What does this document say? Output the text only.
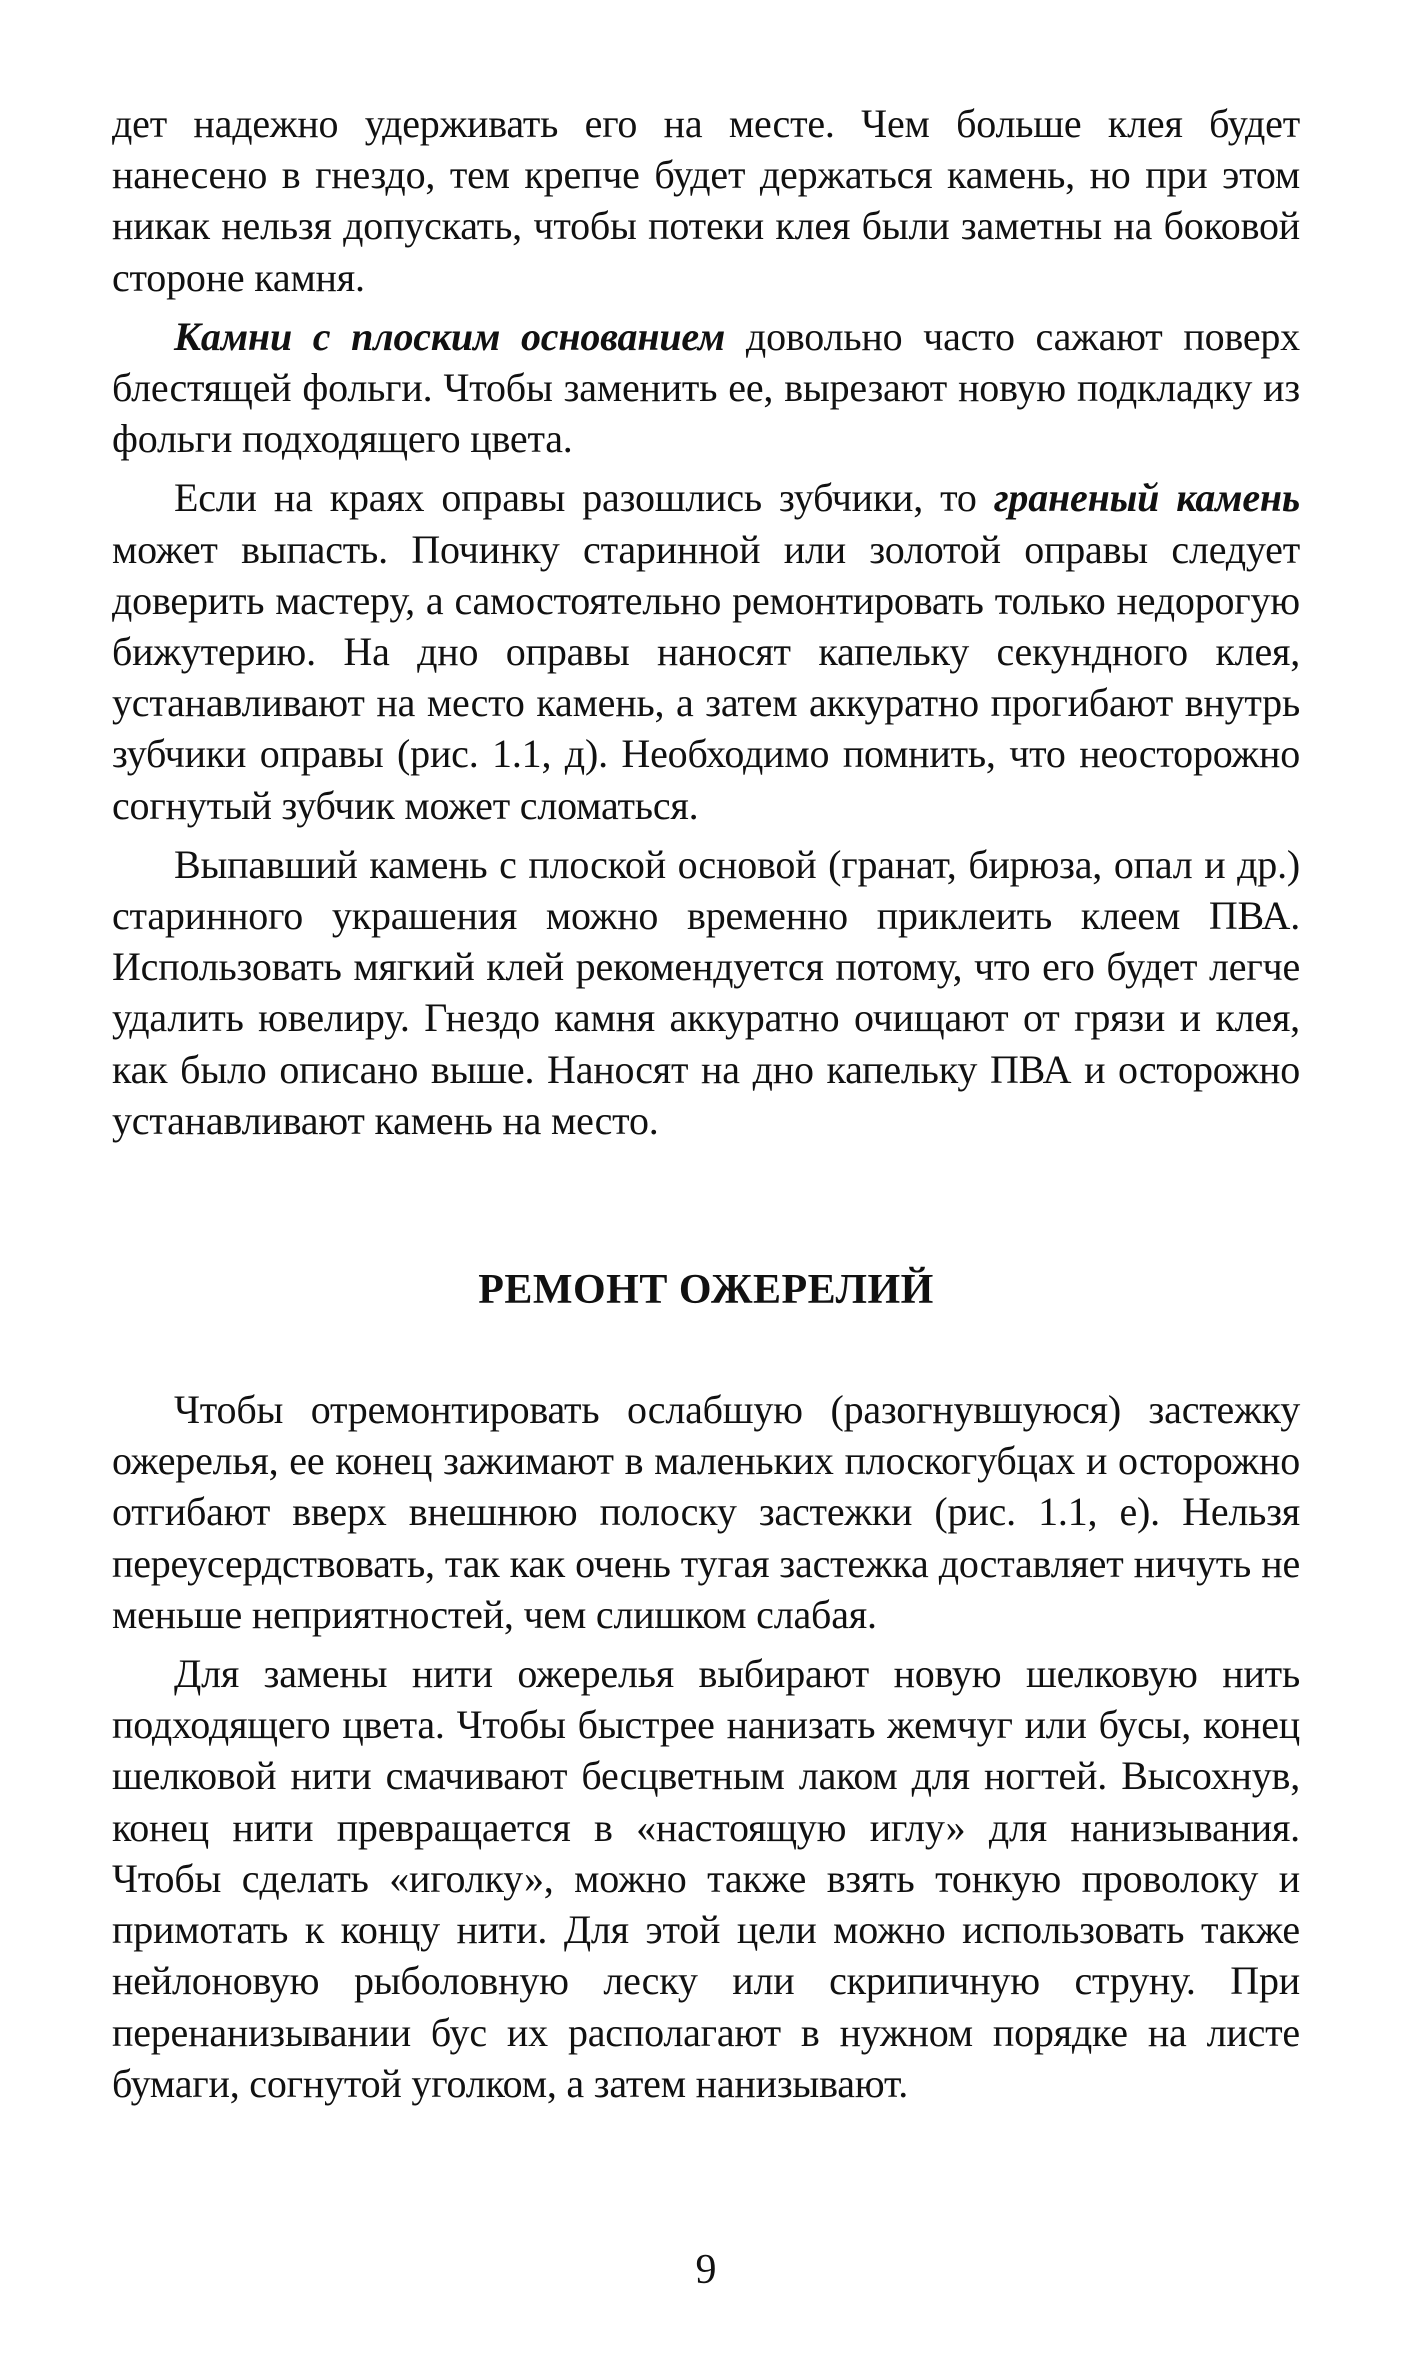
дет надежно удерживать его на месте. Чем больше клея будет нанесено в гнездо, тем крепче будет держаться камень, но при этом никак нельзя допускать, чтобы потеки клея были заметны на боковой стороне камня.

Камни с плоским основанием довольно часто сажают поверх блестящей фольги. Чтобы заменить ее, вырезают новую подкладку из фольги подходящего цвета.

Если на краях оправы разошлись зубчики, то граненый камень может выпасть. Починку старинной или золотой оправы следует доверить мастеру, а самостоятельно ремонтировать только недорогую бижутерию. На дно оправы наносят капельку секундного клея, устанавливают на место камень, а затем аккуратно прогибают внутрь зубчики оправы (рис. 1.1, д). Необходимо помнить, что неосторожно согнутый зубчик может сломаться.

Выпавший камень с плоской основой (гранат, бирюза, опал и др.) старинного украшения можно временно приклеить клеем ПВА. Использовать мягкий клей рекомендуется потому, что его будет легче удалить ювелиру. Гнездо камня аккуратно очищают от грязи и клея, как было описано выше. Наносят на дно капельку ПВА и осторожно устанавливают камень на место.

РЕМОНТ ОЖЕРЕЛИЙ

Чтобы отремонтировать ослабшую (разогнувшуюся) застежку ожерелья, ее конец зажимают в маленьких плоскогубцах и осторожно отгибают вверх внешнюю полоску застежки (рис. 1.1, е). Нельзя переусердствовать, так как очень тугая застежка доставляет ничуть не меньше неприятностей, чем слишком слабая.

Для замены нити ожерелья выбирают новую шелковую нить подходящего цвета. Чтобы быстрее нанизать жемчуг или бусы, конец шелковой нити смачивают бесцветным лаком для ногтей. Высохнув, конец нити превращается в «настоящую иглу» для нанизывания. Чтобы сделать «иголку», можно также взять тонкую проволоку и примотать к концу нити. Для этой цели можно использовать также нейлоновую рыболовную леску или скрипичную струну. При перенанизывании бус их располагают в нужном порядке на листе бумаги, согнутой уголком, а затем нанизывают.

9
